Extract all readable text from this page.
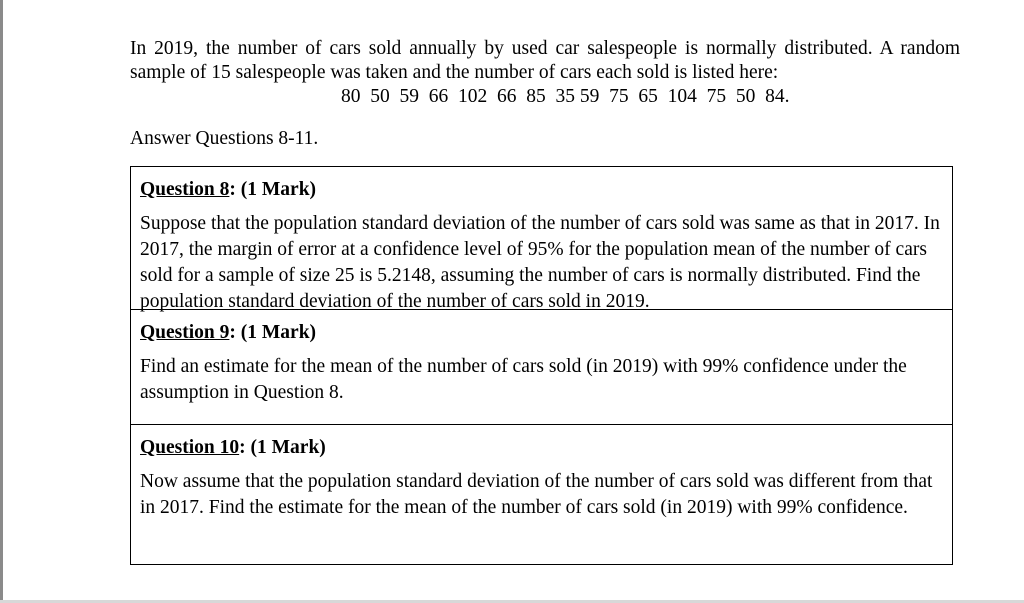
In 2019, the number of cars sold annually by used car salespeople is normally distributed. A random sample of 15 salespeople was taken and the number of cars each sold is listed here:
80  50  59  66  102  66  85  35 59  75  65  104  75  50  84.
Answer Questions 8-11.
Question 8: (1 Mark)

Suppose that the population standard deviation of the number of cars sold was same as that in 2017. In 2017, the margin of error at a confidence level of 95% for the population mean of the number of cars sold for a sample of size 25 is 5.2148, assuming the number of cars is normally distributed. Find the population standard deviation of the number of cars sold in 2019.

Question 9: (1 Mark)

Find an estimate for the mean of the number of cars sold (in 2019) with 99% confidence under the assumption in Question 8.

Question 10: (1 Mark)

Now assume that the population standard deviation of the number of cars sold was different from that in 2017. Find the estimate for the mean of the number of cars sold (in 2019) with 99% confidence.
